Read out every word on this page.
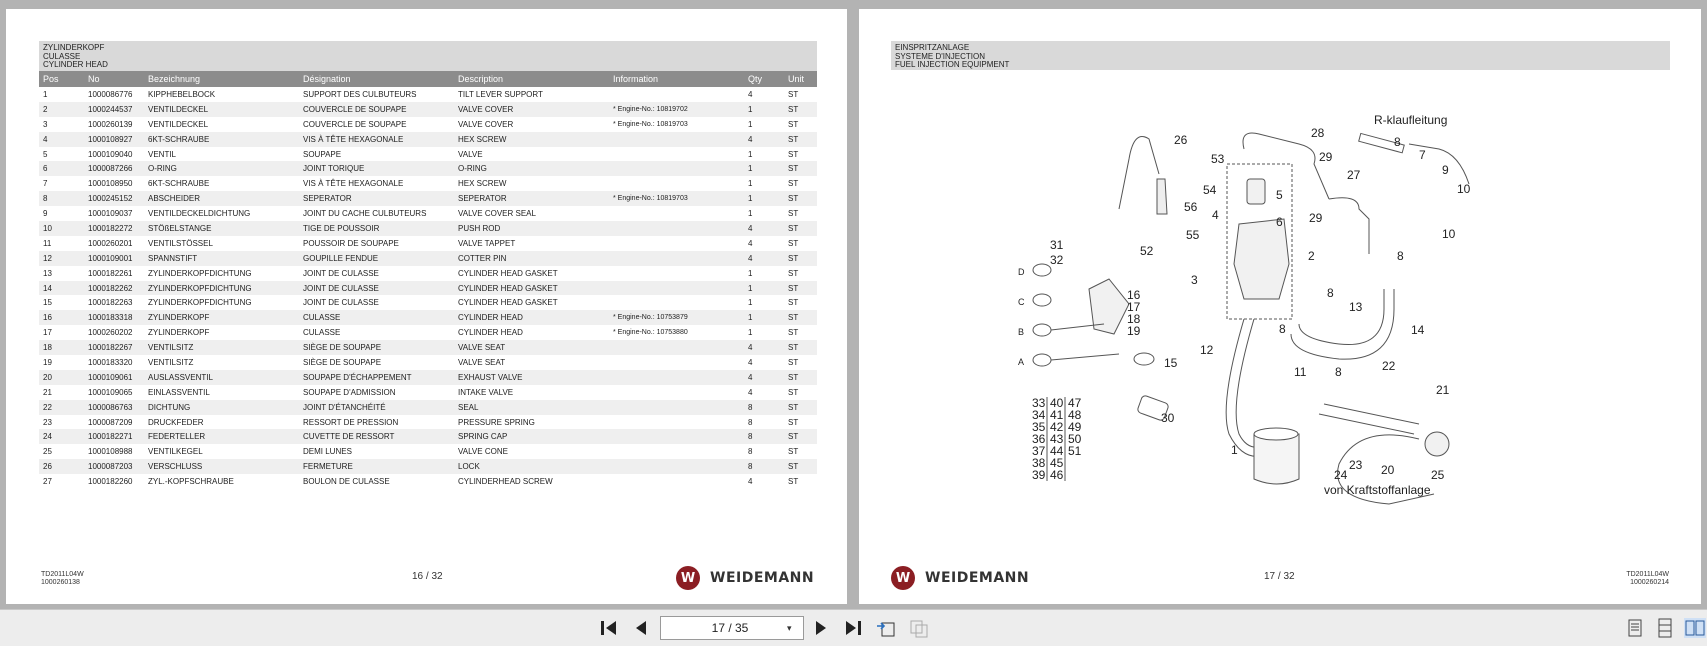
ZYLINDERKOPF
CULASSE
CYLINDER HEAD
Pos	No	Bezeichnung	Désignation	Description	Information	Qty	Unit
1	1000086776	KIPPHEBELBOCK	SUPPORT DES CULBUTEURS	TILT LEVER SUPPORT		4	ST
2	1000244537	VENTILDECKEL	COUVERCLE DE SOUPAPE	VALVE COVER	* Engine-No.: 10819702	1	ST
3	1000260139	VENTILDECKEL	COUVERCLE DE SOUPAPE	VALVE COVER	* Engine-No.: 10819703	1	ST
4	1000108927	6KT-SCHRAUBE	VIS À TÊTE HEXAGONALE	HEX SCREW		4	ST
5	1000109040	VENTIL	SOUPAPE	VALVE		1	ST
6	1000087266	O-RING	JOINT TORIQUE	O-RING		1	ST
7	1000108950	6KT-SCHRAUBE	VIS À TÊTE HEXAGONALE	HEX SCREW		1	ST
8	1000245152	ABSCHEIDER	SEPERATOR	SEPERATOR	* Engine-No.: 10819703	1	ST
9	1000109037	VENTILDECKELDICHTUNG	JOINT DU CACHE CULBUTEURS	VALVE COVER SEAL		1	ST
10	1000182272	STÖßELSTANGE	TIGE DE POUSSOIR	PUSH ROD		4	ST
11	1000260201	VENTILSTÖSSEL	POUSSOIR DE SOUPAPE	VALVE TAPPET		4	ST
12	1000109001	SPANNSTIFT	GOUPILLE FENDUE	COTTER PIN		4	ST
13	1000182261	ZYLINDERKOPFDICHTUNG	JOINT DE CULASSE	CYLINDER HEAD GASKET		1	ST
14	1000182262	ZYLINDERKOPFDICHTUNG	JOINT DE CULASSE	CYLINDER HEAD GASKET		1	ST
15	1000182263	ZYLINDERKOPFDICHTUNG	JOINT DE CULASSE	CYLINDER HEAD GASKET		1	ST
16	1000183318	ZYLINDERKOPF	CULASSE	CYLINDER HEAD	* Engine-No.: 10753879	1	ST
17	1000260202	ZYLINDERKOPF	CULASSE	CYLINDER HEAD	* Engine-No.: 10753880	1	ST
18	1000182267	VENTILSITZ	SIÈGE DE SOUPAPE	VALVE SEAT		4	ST
19	1000183320	VENTILSITZ	SIÈGE DE SOUPAPE	VALVE SEAT		4	ST
20	1000109061	AUSLASSVENTIL	SOUPAPE D'ÉCHAPPEMENT	EXHAUST VALVE		4	ST
21	1000109065	EINLASSVENTIL	SOUPAPE D'ADMISSION	INTAKE VALVE		4	ST
22	1000086763	DICHTUNG	JOINT D'ÉTANCHÉITÉ	SEAL		8	ST
23	1000087209	DRUCKFEDER	RESSORT DE PRESSION	PRESSURE SPRING		8	ST
24	1000182271	FEDERTELLER	CUVETTE DE RESSORT	SPRING CAP		8	ST
25	1000108988	VENTILKEGEL	DEMI LUNES	VALVE CONE		8	ST
26	1000087203	VERSCHLUSS	FERMETURE	LOCK		8	ST
27	1000182260	ZYL.-KOPFSCHRAUBE	BOULON DE CULASSE	CYLINDERHEAD SCREW		4	ST
TD2011L04W
1000260138
16 / 32	W	WEIDEMANN
EINSPRITZANLAGE
SYSTEME D'INJECTION
FUEL INJECTION EQUIPMENT
R-klaufleitung
von Kraftstoffanlage
26
53
54
56
55
52
31
32
16
17
18
19
15
30
5
4	6
28
29
27
8
7
9
10
10
29
2	8
3
8
13
14
8
12
11 8	22
21
1
23
24	20	25
D
C
B
A
33 40 47
34 41 48
35 42 49
36 43 50
37 44 51
38 45
39 46
W	WEIDEMANN	17 / 32	TD2011L04W
1000260214
17 / 35	▾
